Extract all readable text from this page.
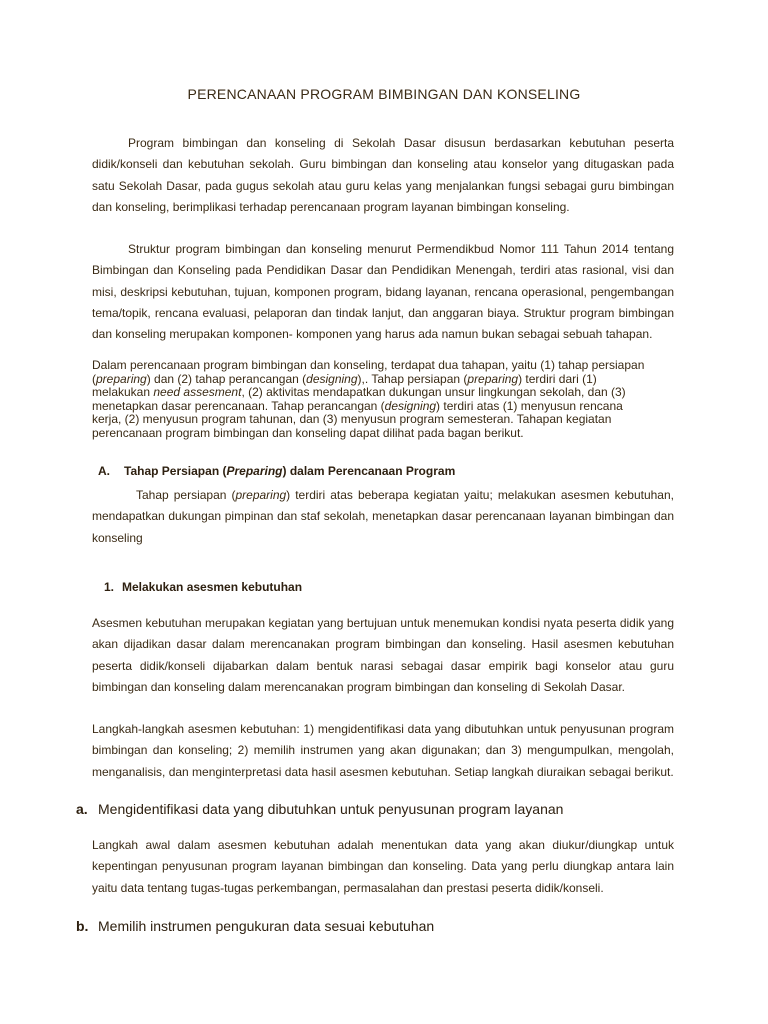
PERENCANAAN PROGRAM BIMBINGAN DAN KONSELING

Program bimbingan dan konseling di Sekolah Dasar disusun berdasarkan kebutuhan peserta didik/konseli dan kebutuhan sekolah. Guru bimbingan dan konseling atau konselor yang ditugaskan pada satu Sekolah Dasar, pada gugus sekolah atau guru kelas yang menjalankan fungsi sebagai guru bimbingan dan konseling, berimplikasi terhadap perencanaan program layanan bimbingan konseling.

Struktur program bimbingan dan konseling menurut Permendikbud Nomor 111 Tahun 2014 tentang Bimbingan dan Konseling pada Pendidikan Dasar dan Pendidikan Menengah, terdiri atas rasional, visi dan misi, deskripsi kebutuhan, tujuan, komponen program, bidang layanan, rencana operasional, pengembangan tema/topik, rencana evaluasi, pelaporan dan tindak lanjut, dan anggaran biaya. Struktur program bimbingan dan konseling merupakan komponen- komponen yang harus ada namun bukan sebagai sebuah tahapan.

Dalam perencanaan program bimbingan dan konseling, terdapat dua tahapan, yaitu (1) tahap persiapan (preparing) dan (2) tahap perancangan (designing),. Tahap persiapan (preparing) terdiri dari (1) melakukan need assesment, (2) aktivitas mendapatkan dukungan unsur lingkungan sekolah, dan (3) menetapkan dasar perencanaan. Tahap perancangan (designing) terdiri atas (1) menyusun rencana kerja, (2) menyusun program tahunan, dan (3) menyusun program semesteran. Tahapan kegiatan perencanaan program bimbingan dan konseling dapat dilihat pada bagan berikut.

A. Tahap Persiapan (Preparing) dalam Perencanaan Program

Tahap persiapan (preparing) terdiri atas beberapa kegiatan yaitu; melakukan asesmen kebutuhan, mendapatkan dukungan pimpinan dan staf sekolah, menetapkan dasar perencanaan layanan bimbingan dan konseling

1. Melakukan asesmen kebutuhan

Asesmen kebutuhan merupakan kegiatan yang bertujuan untuk menemukan kondisi nyata peserta didik yang akan dijadikan dasar dalam merencanakan program bimbingan dan konseling. Hasil asesmen kebutuhan peserta didik/konseli dijabarkan dalam bentuk narasi sebagai dasar empirik bagi konselor atau guru bimbingan dan konseling dalam merencanakan program bimbingan dan konseling di Sekolah Dasar.

Langkah-langkah asesmen kebutuhan: 1) mengidentifikasi data yang dibutuhkan untuk penyusunan program bimbingan dan konseling; 2) memilih instrumen yang akan digunakan; dan 3) mengumpulkan, mengolah, menganalisis, dan menginterpretasi data hasil asesmen kebutuhan. Setiap langkah diuraikan sebagai berikut.

a. Mengidentifikasi data yang dibutuhkan untuk penyusunan program layanan

Langkah awal dalam asesmen kebutuhan adalah menentukan data yang akan diukur/diungkap untuk kepentingan penyusunan program layanan bimbingan dan konseling. Data yang perlu diungkap antara lain yaitu data tentang tugas-tugas perkembangan, permasalahan dan prestasi peserta didik/konseli.

b. Memilih instrumen pengukuran data sesuai kebutuhan
